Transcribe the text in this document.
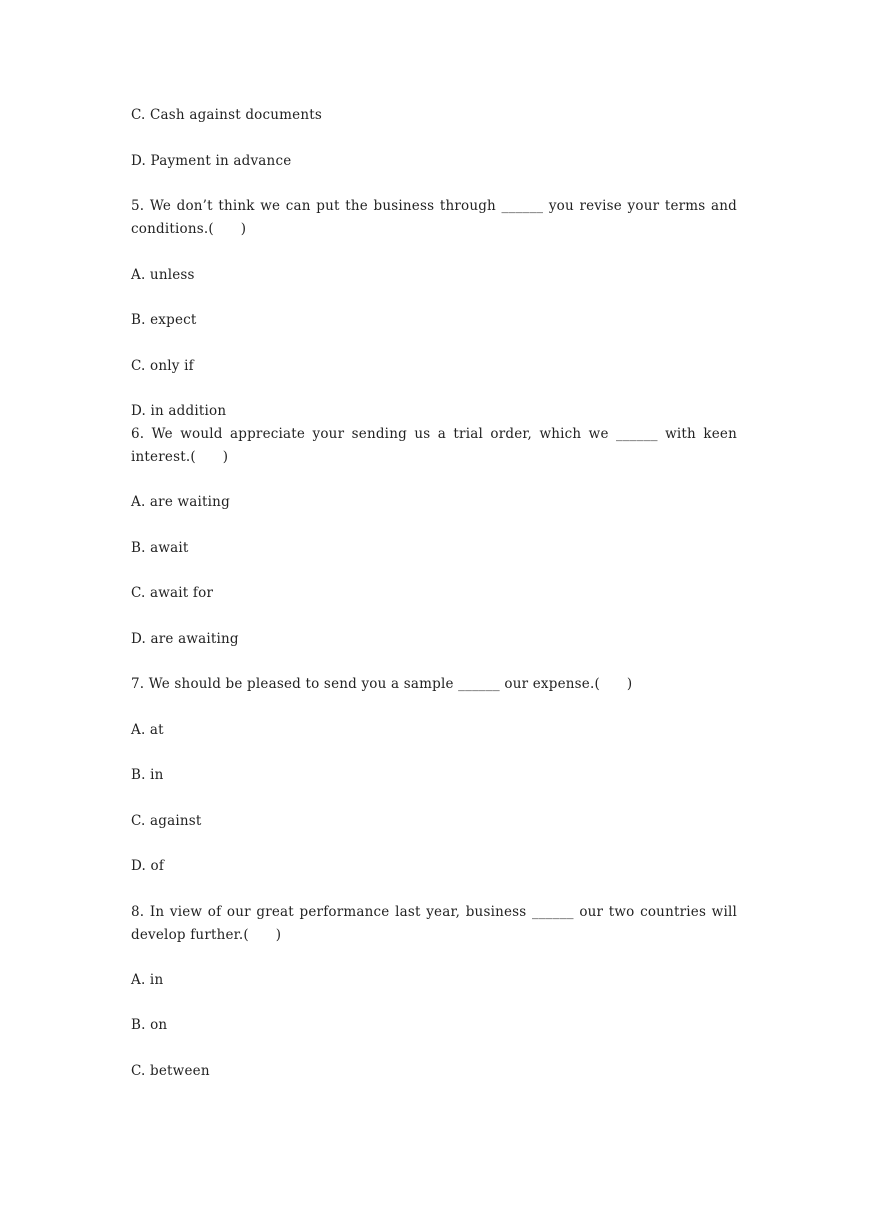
C. Cash against documents
D. Payment in advance
5. We don’t think we can put the business through ______ you revise your terms and conditions.(      )
A. unless
B. expect
C. only if
D. in addition
6. We would appreciate your sending us a trial order, which we ______ with keen interest.(      )
A. are waiting
B. await
C. await for
D. are awaiting
7. We should be pleased to send you a sample ______ our expense.(      )
A. at
B. in
C. against
D. of
8. In view of our great performance last year, business ______ our two countries will develop further.(      )
A. in
B. on
C. between
